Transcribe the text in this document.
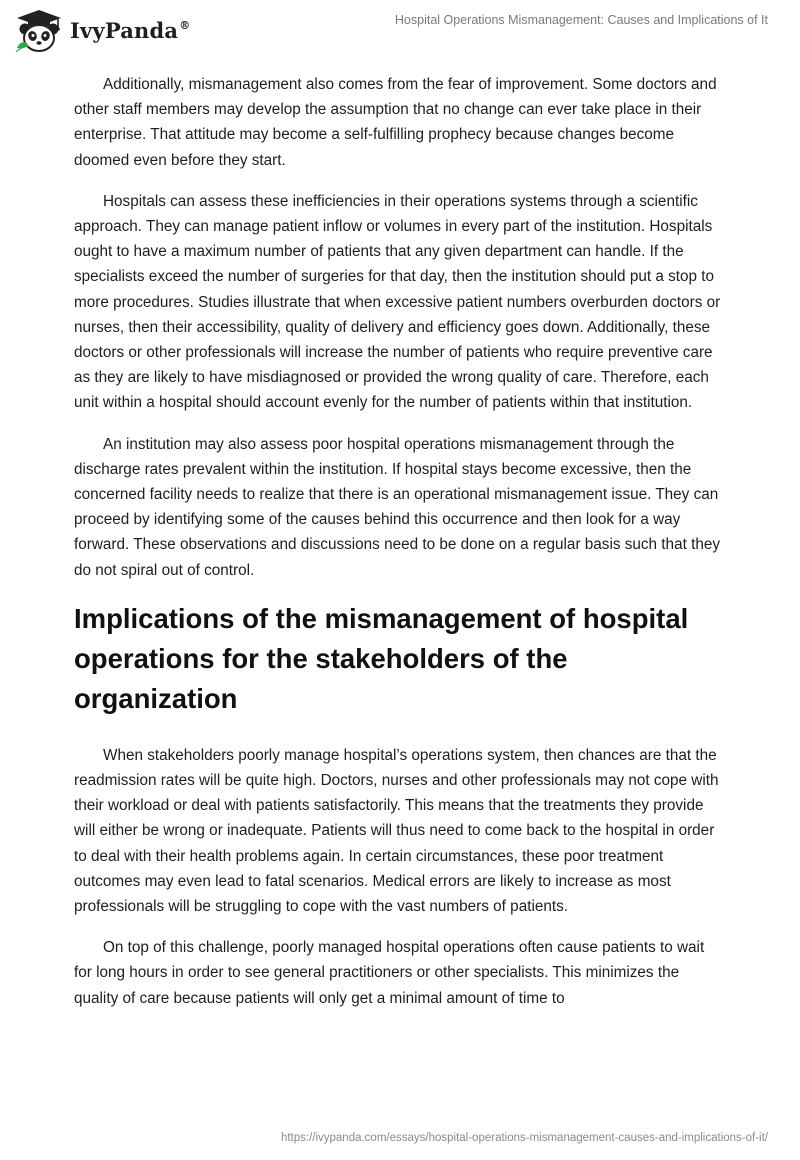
IvyPanda®	Hospital Operations Mismanagement: Causes and Implications of It

Additionally, mismanagement also comes from the fear of improvement. Some doctors and other staff members may develop the assumption that no change can ever take place in their enterprise. That attitude may become a self-fulfilling prophecy because changes become doomed even before they start.

Hospitals can assess these inefficiencies in their operations systems through a scientific approach. They can manage patient inflow or volumes in every part of the institution. Hospitals ought to have a maximum number of patients that any given department can handle. If the specialists exceed the number of surgeries for that day, then the institution should put a stop to more procedures. Studies illustrate that when excessive patient numbers overburden doctors or nurses, then their accessibility, quality of delivery and efficiency goes down. Additionally, these doctors or other professionals will increase the number of patients who require preventive care as they are likely to have misdiagnosed or provided the wrong quality of care. Therefore, each unit within a hospital should account evenly for the number of patients within that institution.

An institution may also assess poor hospital operations mismanagement through the discharge rates prevalent within the institution. If hospital stays become excessive, then the concerned facility needs to realize that there is an operational mismanagement issue. They can proceed by identifying some of the causes behind this occurrence and then look for a way forward. These observations and discussions need to be done on a regular basis such that they do not spiral out of control.

Implications of the mismanagement of hospital operations for the stakeholders of the organization

When stakeholders poorly manage hospital’s operations system, then chances are that the readmission rates will be quite high. Doctors, nurses and other professionals may not cope with their workload or deal with patients satisfactorily. This means that the treatments they provide will either be wrong or inadequate. Patients will thus need to come back to the hospital in order to deal with their health problems again. In certain circumstances, these poor treatment outcomes may even lead to fatal scenarios. Medical errors are likely to increase as most professionals will be struggling to cope with the vast numbers of patients.

On top of this challenge, poorly managed hospital operations often cause patients to wait for long hours in order to see general practitioners or other specialists. This minimizes the quality of care because patients will only get a minimal amount of time to

https://ivypanda.com/essays/hospital-operations-mismanagement-causes-and-implications-of-it/
